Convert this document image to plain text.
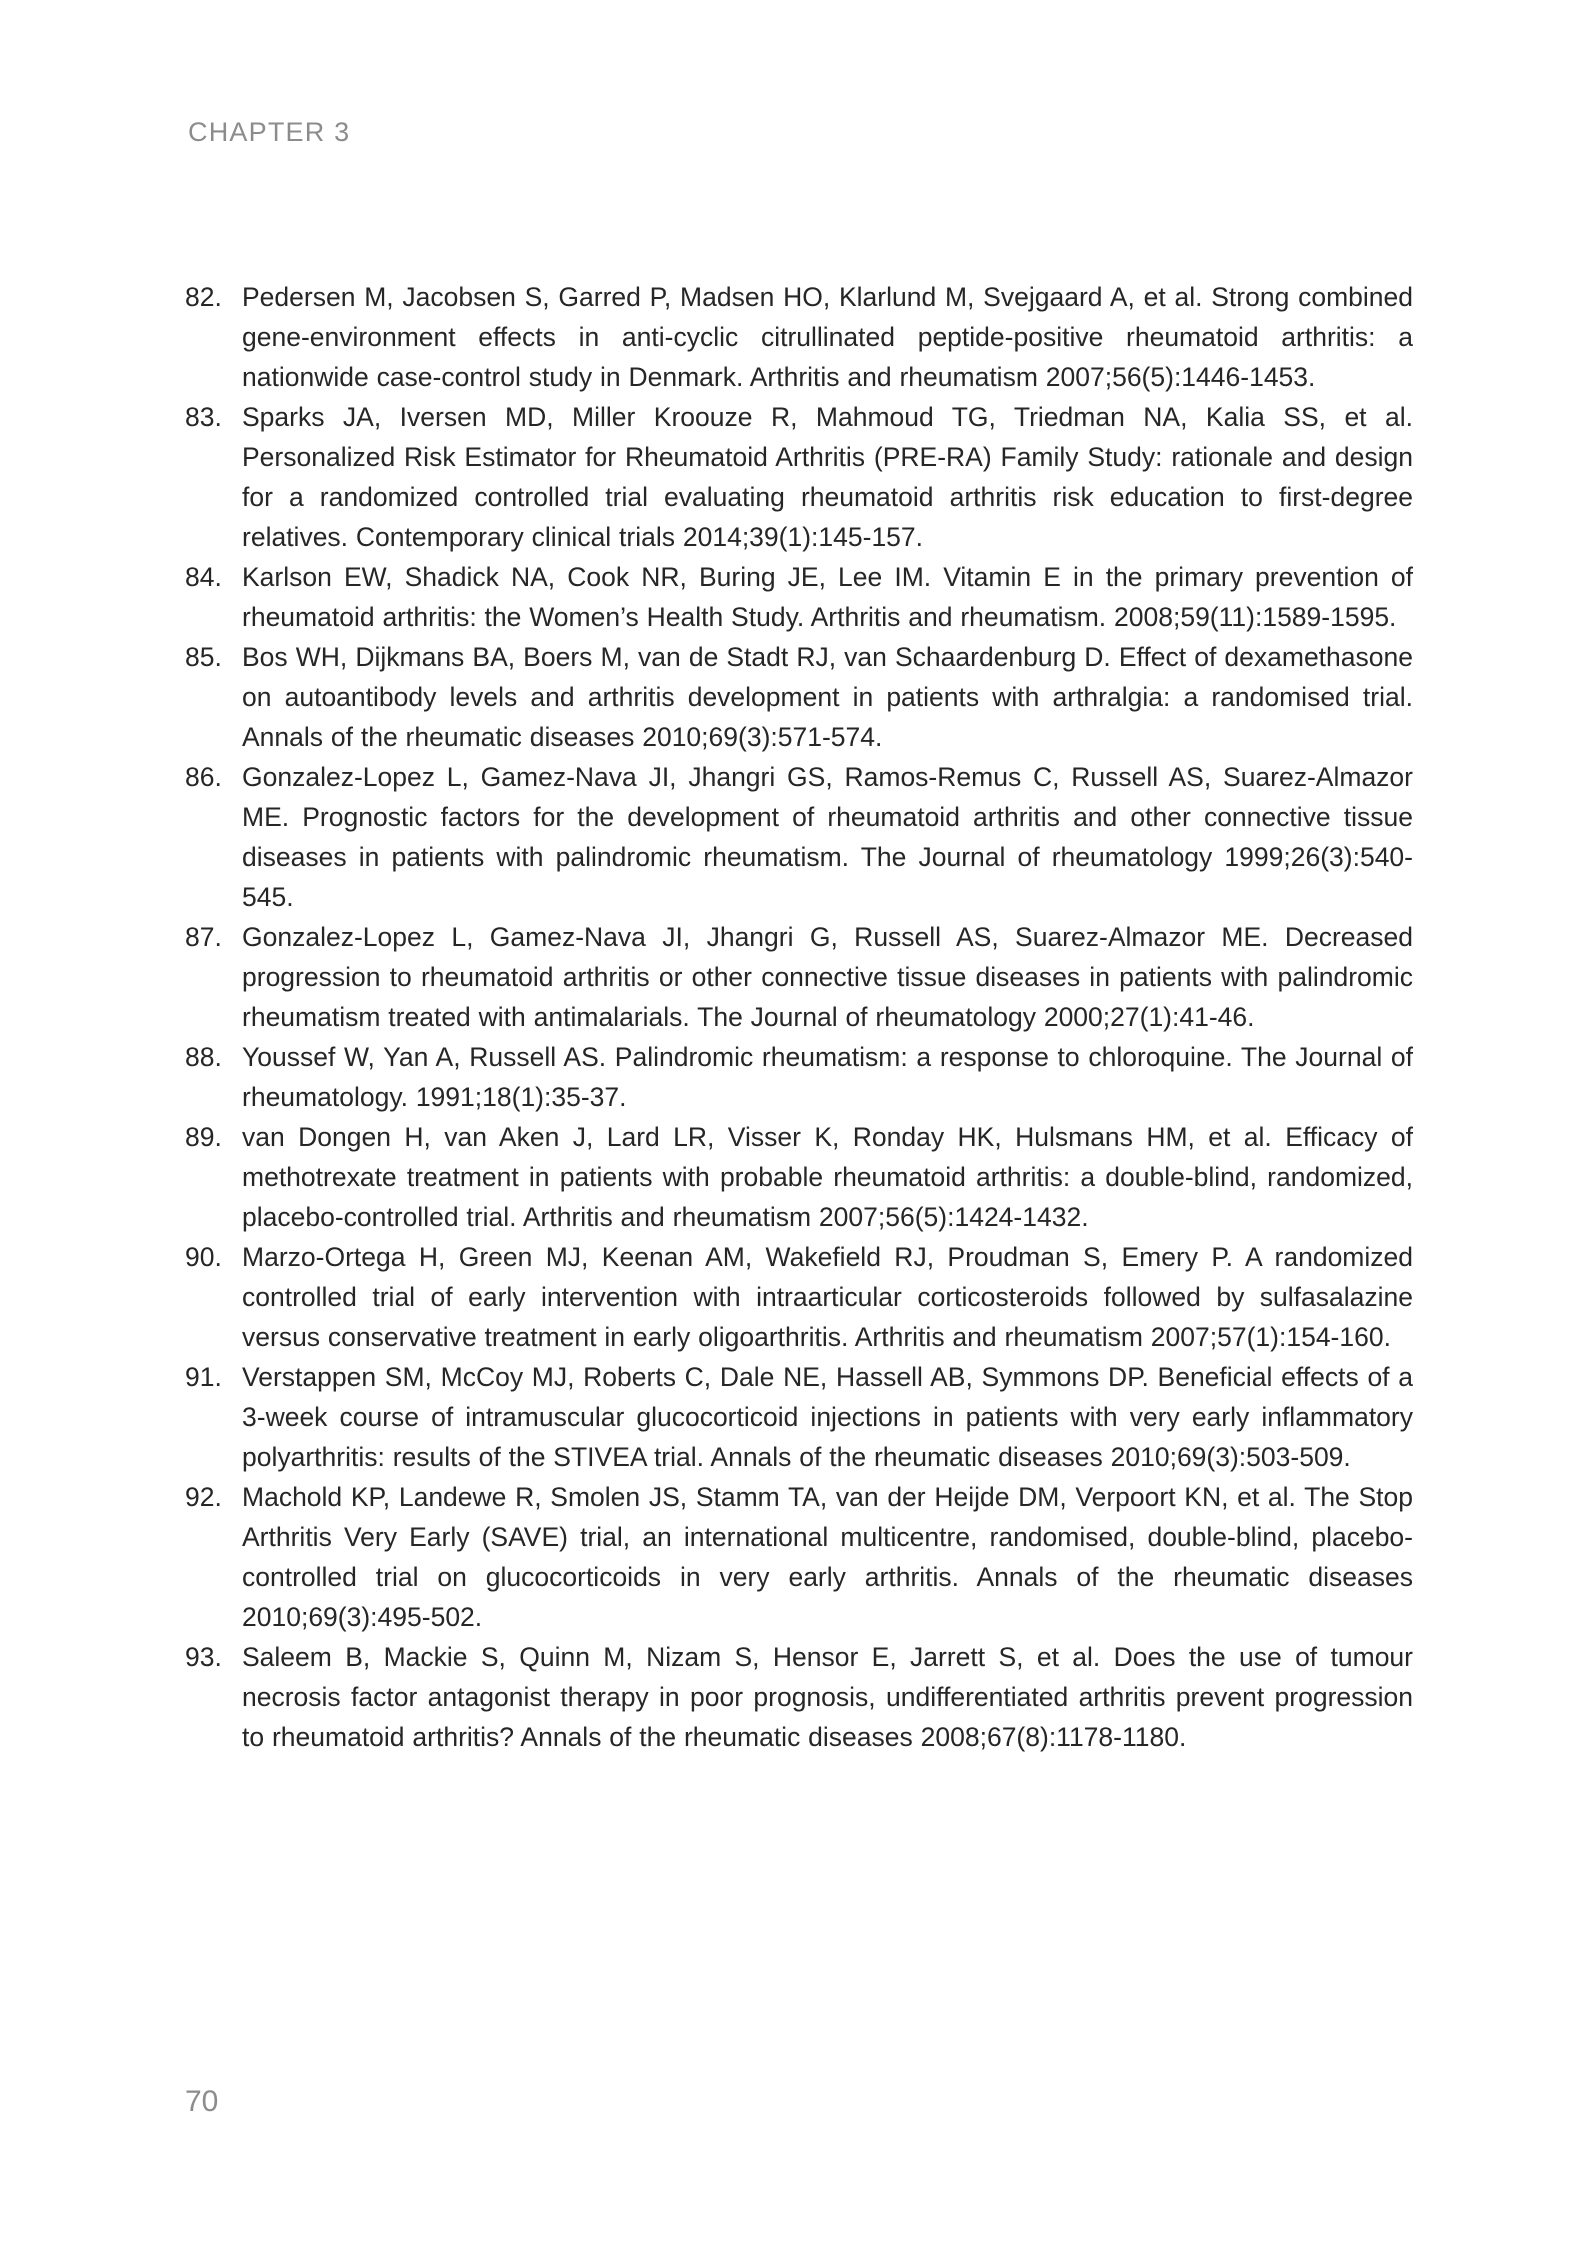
CHAPTER 3
82. Pedersen M, Jacobsen S, Garred P, Madsen HO, Klarlund M, Svejgaard A, et al. Strong combined gene-environment effects in anti-cyclic citrullinated peptide-positive rheumatoid arthritis: a nationwide case-control study in Denmark. Arthritis and rheumatism 2007;56(5):1446-1453.
83. Sparks JA, Iversen MD, Miller Kroouze R, Mahmoud TG, Triedman NA, Kalia SS, et al. Personalized Risk Estimator for Rheumatoid Arthritis (PRE-RA) Family Study: rationale and design for a randomized controlled trial evaluating rheumatoid arthritis risk education to first-degree relatives. Contemporary clinical trials 2014;39(1):145-157.
84. Karlson EW, Shadick NA, Cook NR, Buring JE, Lee IM. Vitamin E in the primary prevention of rheumatoid arthritis: the Women’s Health Study. Arthritis and rheumatism. 2008;59(11):1589-1595.
85. Bos WH, Dijkmans BA, Boers M, van de Stadt RJ, van Schaardenburg D. Effect of dexamethasone on autoantibody levels and arthritis development in patients with arthralgia: a randomised trial. Annals of the rheumatic diseases 2010;69(3):571-574.
86. Gonzalez-Lopez L, Gamez-Nava JI, Jhangri GS, Ramos-Remus C, Russell AS, Suarez-Almazor ME. Prognostic factors for the development of rheumatoid arthritis and other connective tissue diseases in patients with palindromic rheumatism. The Journal of rheumatology 1999;26(3):540-545.
87. Gonzalez-Lopez L, Gamez-Nava JI, Jhangri G, Russell AS, Suarez-Almazor ME. Decreased progression to rheumatoid arthritis or other connective tissue diseases in patients with palindromic rheumatism treated with antimalarials. The Journal of rheumatology 2000;27(1):41-46.
88. Youssef W, Yan A, Russell AS. Palindromic rheumatism: a response to chloroquine. The Journal of rheumatology. 1991;18(1):35-37.
89. van Dongen H, van Aken J, Lard LR, Visser K, Ronday HK, Hulsmans HM, et al. Efficacy of methotrexate treatment in patients with probable rheumatoid arthritis: a double-blind, randomized, placebo-controlled trial. Arthritis and rheumatism 2007;56(5):1424-1432.
90. Marzo-Ortega H, Green MJ, Keenan AM, Wakefield RJ, Proudman S, Emery P. A randomized controlled trial of early intervention with intraarticular corticosteroids followed by sulfasalazine versus conservative treatment in early oligoarthritis. Arthritis and rheumatism 2007;57(1):154-160.
91. Verstappen SM, McCoy MJ, Roberts C, Dale NE, Hassell AB, Symmons DP. Beneficial effects of a 3-week course of intramuscular glucocorticoid injections in patients with very early inflammatory polyarthritis: results of the STIVEA trial. Annals of the rheumatic diseases 2010;69(3):503-509.
92. Machold KP, Landewe R, Smolen JS, Stamm TA, van der Heijde DM, Verpoort KN, et al. The Stop Arthritis Very Early (SAVE) trial, an international multicentre, randomised, double-blind, placebo-controlled trial on glucocorticoids in very early arthritis. Annals of the rheumatic diseases 2010;69(3):495-502.
93. Saleem B, Mackie S, Quinn M, Nizam S, Hensor E, Jarrett S, et al. Does the use of tumour necrosis factor antagonist therapy in poor prognosis, undifferentiated arthritis prevent progression to rheumatoid arthritis? Annals of the rheumatic diseases 2008;67(8):1178-1180.
70
